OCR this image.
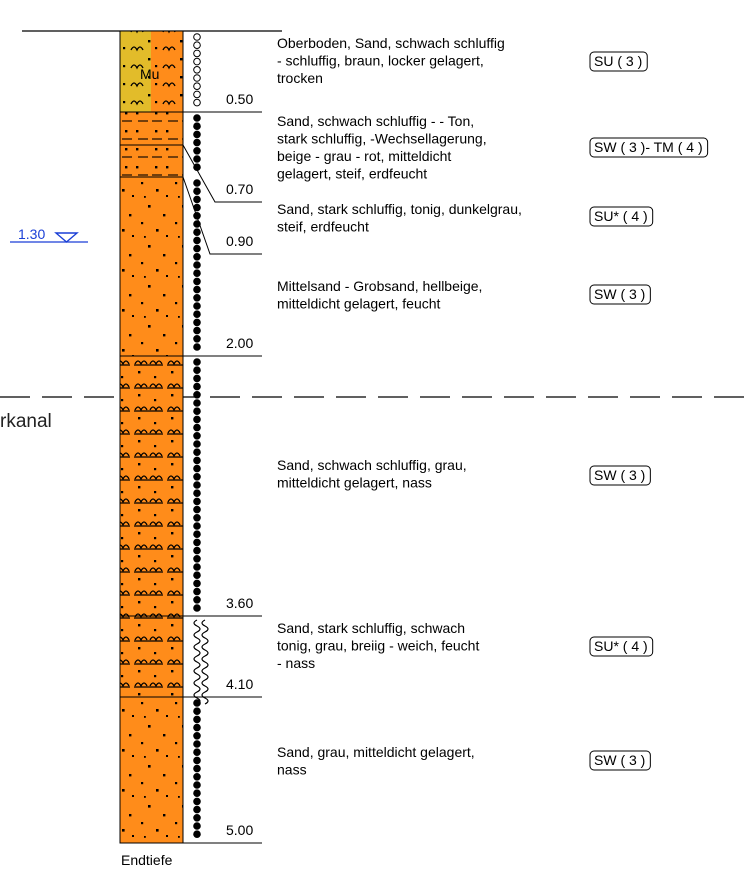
rkanal
0.50
Oberboden, Sand, schwach schluffig
- schluffig, braun, locker gelagert,
trocken
SU ( 3 )
0.70
Sand, schwach schluffig - - Ton,
stark schluffig, -Wechsellagerung,
beige - grau - rot, mitteldicht
gelagert, steif, erdfeucht
SW ( 3 )- TM ( 4 )
0.90
Sand, stark schluffig, tonig, dunkelgrau,
steif, erdfeucht
SU* ( 4 )
2.00
Mittelsand - Grobsand, hellbeige,
mitteldicht gelagert, feucht
SW ( 3 )
3.60
Sand, schwach schluffig, grau,
mitteldicht gelagert, nass	SW ( 3 )
4.10
Sand, stark schluffig, schwach
tonig, grau, breiig - weich, feucht
- nass
SU* ( 4 )
5.00
Sand, grau, mitteldicht gelagert,
nass
SW ( 3 )
Mu
1.30
Endtiefe
